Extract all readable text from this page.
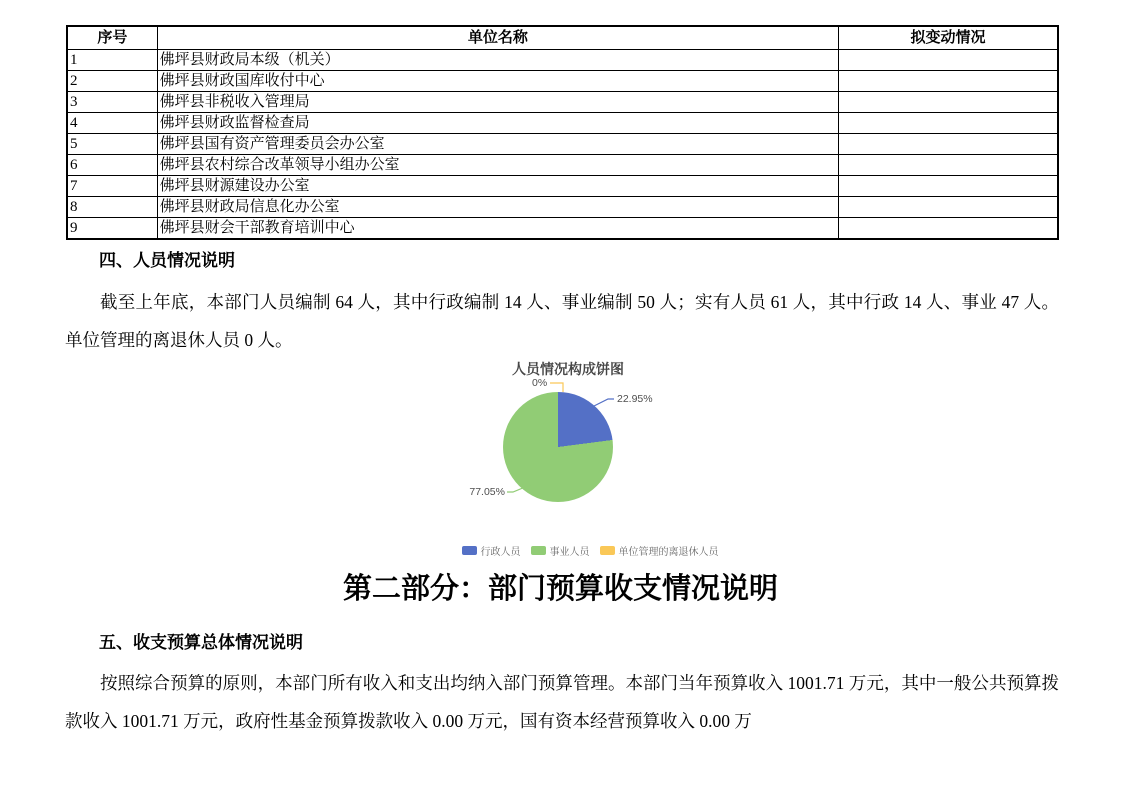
序号	单位名称	拟变动情况
1	佛坪县财政局本级（机关）	
2	佛坪县财政国库收付中心	
3	佛坪县非税收入管理局	
4	佛坪县财政监督检查局	
5	佛坪县国有资产管理委员会办公室	
6	佛坪县农村综合改革领导小组办公室	
7	佛坪县财源建设办公室	
8	佛坪县财政局信息化办公室	
9	佛坪县财会干部教育培训中心	
四、人员情况说明

截至上年底，本部门人员编制 64 人，其中行政编制 14 人、事业编制 50 人；实有人员 61 人，其中行政 14 人、事业 47 人。单位管理的离退休人员 0 人。

人员情况构成饼图
0%
22.95%
77.05%
行政人员	事业人员	单位管理的离退休人员
第二部分：部门预算收支情况说明
五、收支预算总体情况说明

按照综合预算的原则，本部门所有收入和支出均纳入部门预算管理。本部门当年预算收入 1001.71 万元，其中一般公共预算拨款收入 1001.71 万元，政府性基金预算拨款收入 0.00 万元，国有资本经营预算收入 0.00 万
